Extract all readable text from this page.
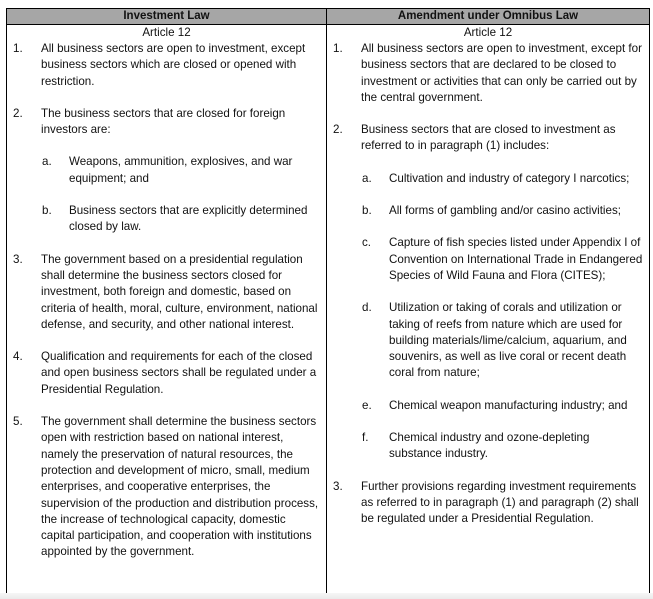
Investment Law	Amendment under Omnibus Law
Article 12
1. All business sectors are open to investment, except business sectors which are closed or opened with restriction.
2. The business sectors that are closed for foreign investors are:
a. Weapons, ammunition, explosives, and war equipment; and
b. Business sectors that are explicitly determined closed by law.
3. The government based on a presidential regulation shall determine the business sectors closed for investment, both foreign and domestic, based on criteria of health, moral, culture, environment, national defense, and security, and other national interest.
4. Qualification and requirements for each of the closed and open business sectors shall be regulated under a Presidential Regulation.
5. The government shall determine the business sectors open with restriction based on national interest, namely the preservation of natural resources, the protection and development of micro, small, medium enterprises, and cooperative enterprises, the supervision of the production and distribution process, the increase of technological capacity, domestic capital participation, and cooperation with institutions appointed by the government.
Article 12
1. All business sectors are open to investment, except for business sectors that are declared to be closed to investment or activities that can only be carried out by the central government.
2. Business sectors that are closed to investment as referred to in paragraph (1) includes:
a. Cultivation and industry of category I narcotics;
b. All forms of gambling and/or casino activities;
c. Capture of fish species listed under Appendix I of Convention on International Trade in Endangered Species of Wild Fauna and Flora (CITES);
d. Utilization or taking of corals and utilization or taking of reefs from nature which are used for building materials/lime/calcium, aquarium, and souvenirs, as well as live coral or recent death coral from nature;
e. Chemical weapon manufacturing industry; and
f. Chemical industry and ozone-depleting substance industry.
3. Further provisions regarding investment requirements as referred to in paragraph (1) and paragraph (2) shall be regulated under a Presidential Regulation.
